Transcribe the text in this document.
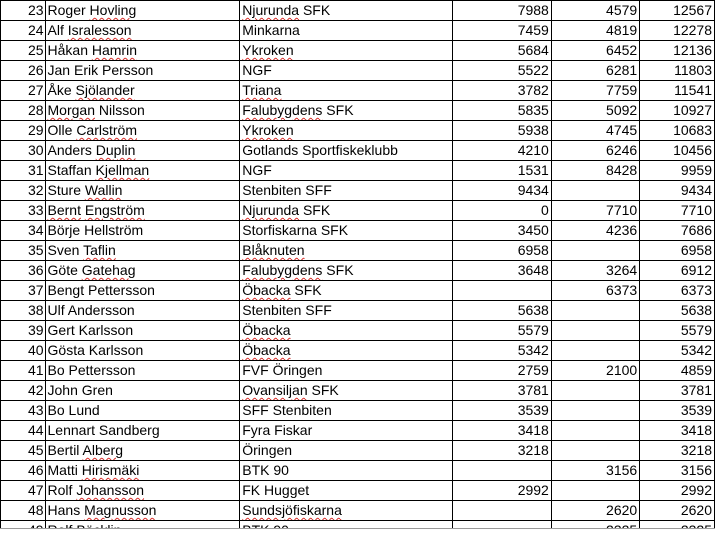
23	Roger Hovling	Njurunda SFK	7988	4579	12567
24	Alf Isralesson	Minkarna	7459	4819	12278
25	Håkan Hamrin	Ykroken	5684	6452	12136
26	Jan Erik Persson	NGF	5522	6281	11803
27	Åke Sjölander	Triana	3782	7759	11541
28	Morgan Nilsson	Falubygdens SFK	5835	5092	10927
29	Olle Carlström	Ykroken	5938	4745	10683
30	Anders Duplin	Gotlands Sportfiskeklubb	4210	6246	10456
31	Staffan Kjellman	NGF	1531	8428	9959
32	Sture Wallin	Stenbiten SFF	9434		9434
33	Bernt Engström	Njurunda SFK	0	7710	7710
34	Börje Hellström	Storfiskarna SFK	3450	4236	7686
35	Sven Taflin	Blåknuten	6958		6958
36	Göte Gatehag	Falubygdens SFK	3648	3264	6912
37	Bengt Pettersson	Öbacka SFK		6373	6373
38	Ulf Andersson	Stenbiten SFF	5638		5638
39	Gert Karlsson	Öbacka	5579		5579
40	Gösta Karlsson	Öbacka	5342		5342
41	Bo Pettersson	FVF Öringen	2759	2100	4859
42	John Gren	Ovansiljan SFK	3781		3781
43	Bo Lund	SFF Stenbiten	3539		3539
44	Lennart Sandberg	Fyra Fiskar	3418		3418
45	Bertil Alberg	Öringen	3218		3218
46	Matti Hirismäki	BTK 90		3156	3156
47	Rolf Johansson	FK Hugget	2992		2992
48	Hans Magnusson	Sundsjöfiskarna		2620	2620
